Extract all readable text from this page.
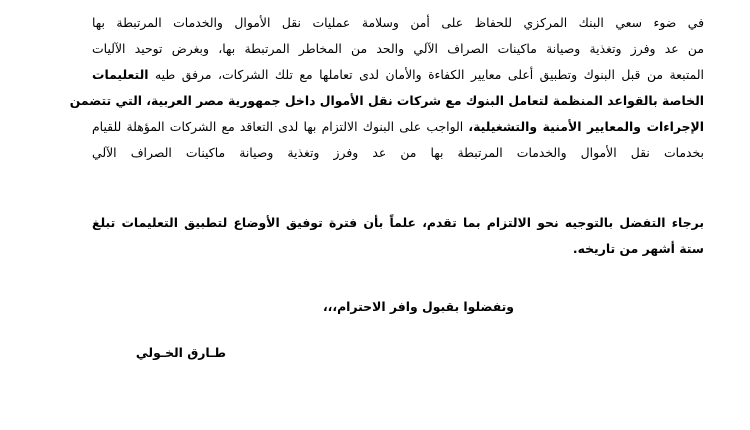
في ضوء سعي البنك المركزي للحفاظ على أمن وسلامة عمليات نقل الأموال والخدمات المرتبطة بها
من عد وفرز وتغذية وصيانة ماكينات الصراف الآلي والحد من المخاطر المرتبطة بها، وبغرض توحيد الآليات
المتبعة من قبل البنوك وتطبيق أعلى معايير الكفاءة والأمان لدى تعاملها مع تلك الشركات، مرفق طيه التعليمات
الخاصة بالقواعد المنظمة لتعامل البنوك مع شركات نقل الأموال داخل جمهورية مصر العربية، التي تتضمن
الإجراءات والمعايير الأمنية والتشغيلية، الواجب على البنوك الالتزام بها لدى التعاقد مع الشركات المؤهلة للقيام
بخدمات نقل الأموال والخدمات المرتبطة بها من عد وفرز وتغذية وصيانة ماكينات الصراف الآلي
برجاء التفضل بالتوجيه نحو الالتزام بما تقدم، علماً بأن فترة توفيق الأوضاع لتطبيق التعليمات تبلغ
ستة أشهر من تاريخه.

وتفضلوا بقبول وافر الاحترام،،،

طـارق الخـولي
